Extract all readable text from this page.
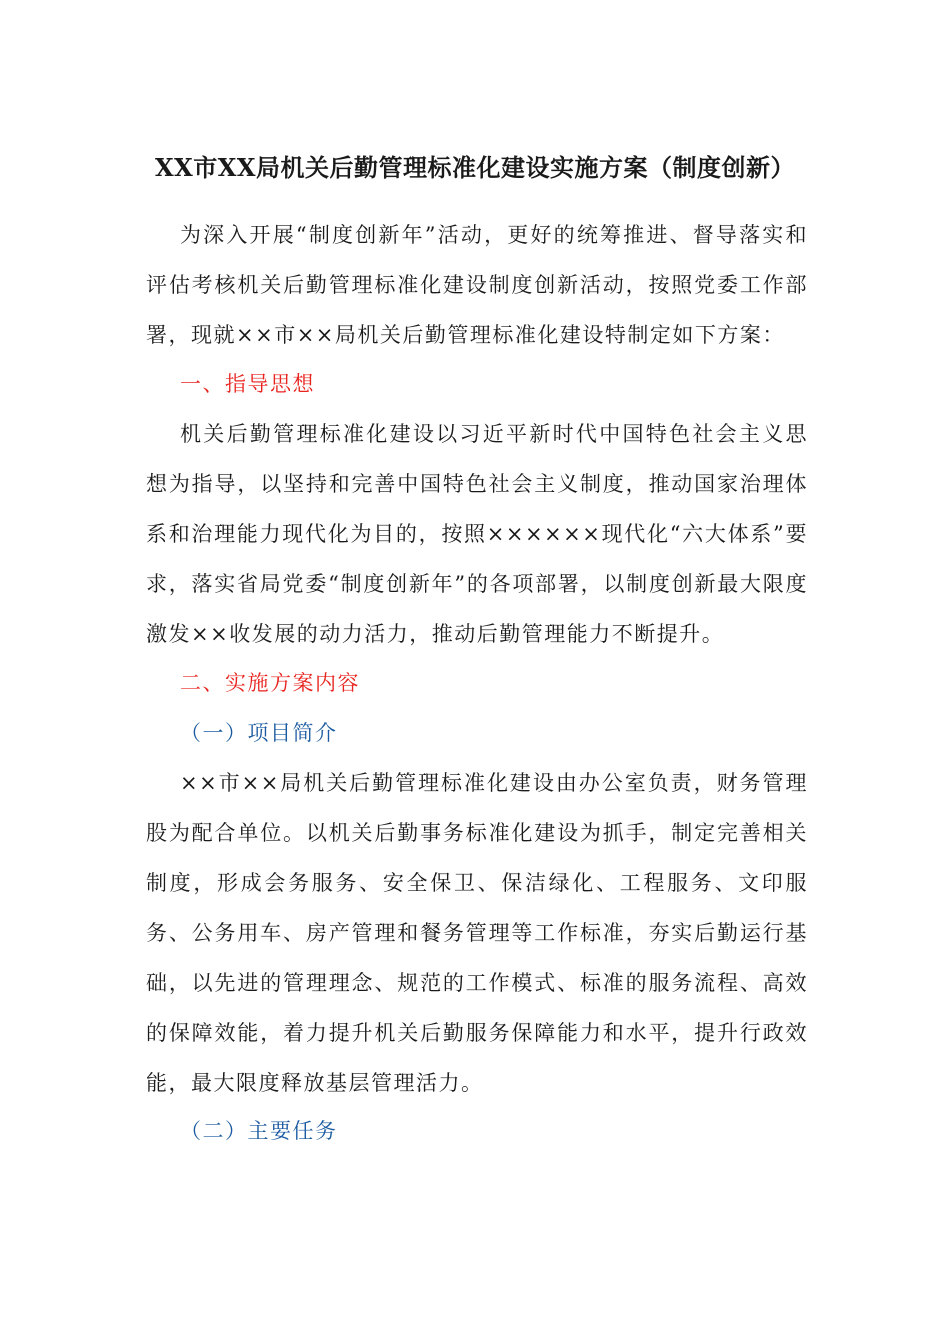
XX市XX局机关后勤管理标准化建设实施方案（制度创新）

为深入开展“制度创新年”活动，更好的统筹推进、督导落实和评估考核机关后勤管理标准化建设制度创新活动，按照党委工作部署，现就××市××局机关后勤管理标准化建设特制定如下方案：

一、指导思想

机关后勤管理标准化建设以习近平新时代中国特色社会主义思想为指导，以坚持和完善中国特色社会主义制度，推动国家治理体系和治理能力现代化为目的，按照××××××现代化“六大体系”要求，落实省局党委“制度创新年”的各项部署，以制度创新最大限度激发××收发展的动力活力，推动后勤管理能力不断提升。

二、实施方案内容
（一）项目简介

××市××局机关后勤管理标准化建设由办公室负责，财务管理股为配合单位。以机关后勤事务标准化建设为抓手，制定完善相关制度，形成会务服务、安全保卫、保洁绿化、工程服务、文印服务、公务用车、房产管理和餐务管理等工作标准，夯实后勤运行基础，以先进的管理理念、规范的工作模式、标准的服务流程、高效的保障效能，着力提升机关后勤服务保障能力和水平，提升行政效能，最大限度释放基层管理活力。

（二）主要任务
